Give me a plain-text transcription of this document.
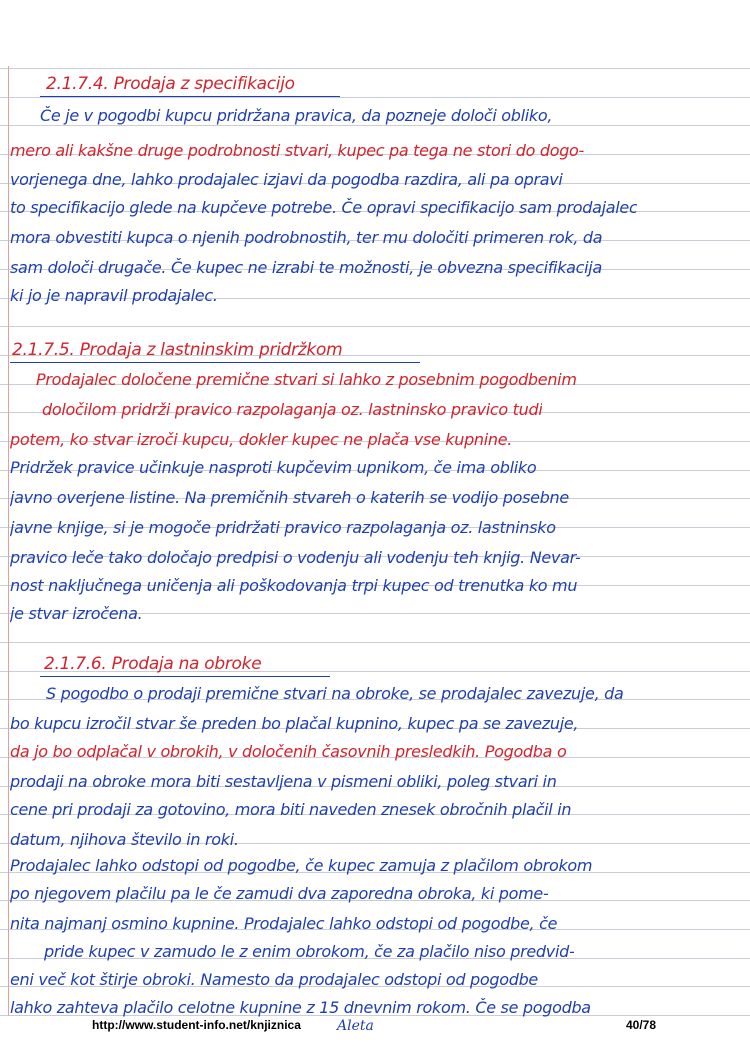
2.1.7.4. Prodaja z specifikacijo
Če je v pogodbi kupcu pridržana pravica, da pozneje določi obliko,
mero ali kakšne druge podrobnosti stvari, kupec pa tega ne stori do dogo-
vorjenega dne, lahko prodajalec izjavi da pogodba razdira, ali pa opravi
to specifikacijo glede na kupčeve potrebe. Če opravi specifikacijo sam prodajalec
mora obvestiti kupca o njenih podrobnostih, ter mu določiti primeren rok, da
sam določi drugače. Če kupec ne izrabi te možnosti, je obvezna specifikacija
ki jo je napravil prodajalec.
2.1.7.5. Prodaja z lastninskim pridržkom
Prodajalec določene premične stvari si lahko z posebnim pogodbenim
določilom pridrži pravico razpolaganja oz. lastninsko pravico tudi
potem, ko stvar izroči kupcu, dokler kupec ne plača vse kupnine.
Pridržek pravice učinkuje nasproti kupčevim upnikom, če ima obliko
javno overjene listine. Na premičnih stvareh o katerih se vodijo posebne
javne knjige, si je mogoče pridržati pravico razpolaganja oz. lastninsko
pravico leče tako določajo predpisi o vodenju ali vodenju teh knjig. Nevar-
nost naključnega uničenja ali poškodovanja trpi kupec od trenutka ko mu
je stvar izročena.
2.1.7.6. Prodaja na obroke
S pogodbo o prodaji premične stvari na obroke, se prodajalec zavezuje, da
bo kupcu izročil stvar še preden bo plačal kupnino, kupec pa se zavezuje,
da jo bo odplačal v obrokih, v določenih časovnih presledkih. Pogodba o
prodaji na obroke mora biti sestavljena v pismeni obliki, poleg stvari in
cene pri prodaji za gotovino, mora biti naveden znesek obročnih plačil in
datum, njihova število in roki.
Prodajalec lahko odstopi od pogodbe, če kupec zamuja z plačilom obrokom
po njegovem plačilu pa le če zamudi dva zaporedna obroka, ki pome-
nita najmanj osmino kupnine. Prodajalec lahko odstopi od pogodbe, če
pride kupec v zamudo le z enim obrokom, če za plačilo niso predvid-
eni več kot štirje obroki. Namesto da prodajalec odstopi od pogodbe
lahko zahteva plačilo celotne kupnine z 15 dnevnim rokom. Če se pogodba
http://www.student-info.net/knjiznica	Aleta	40/78
